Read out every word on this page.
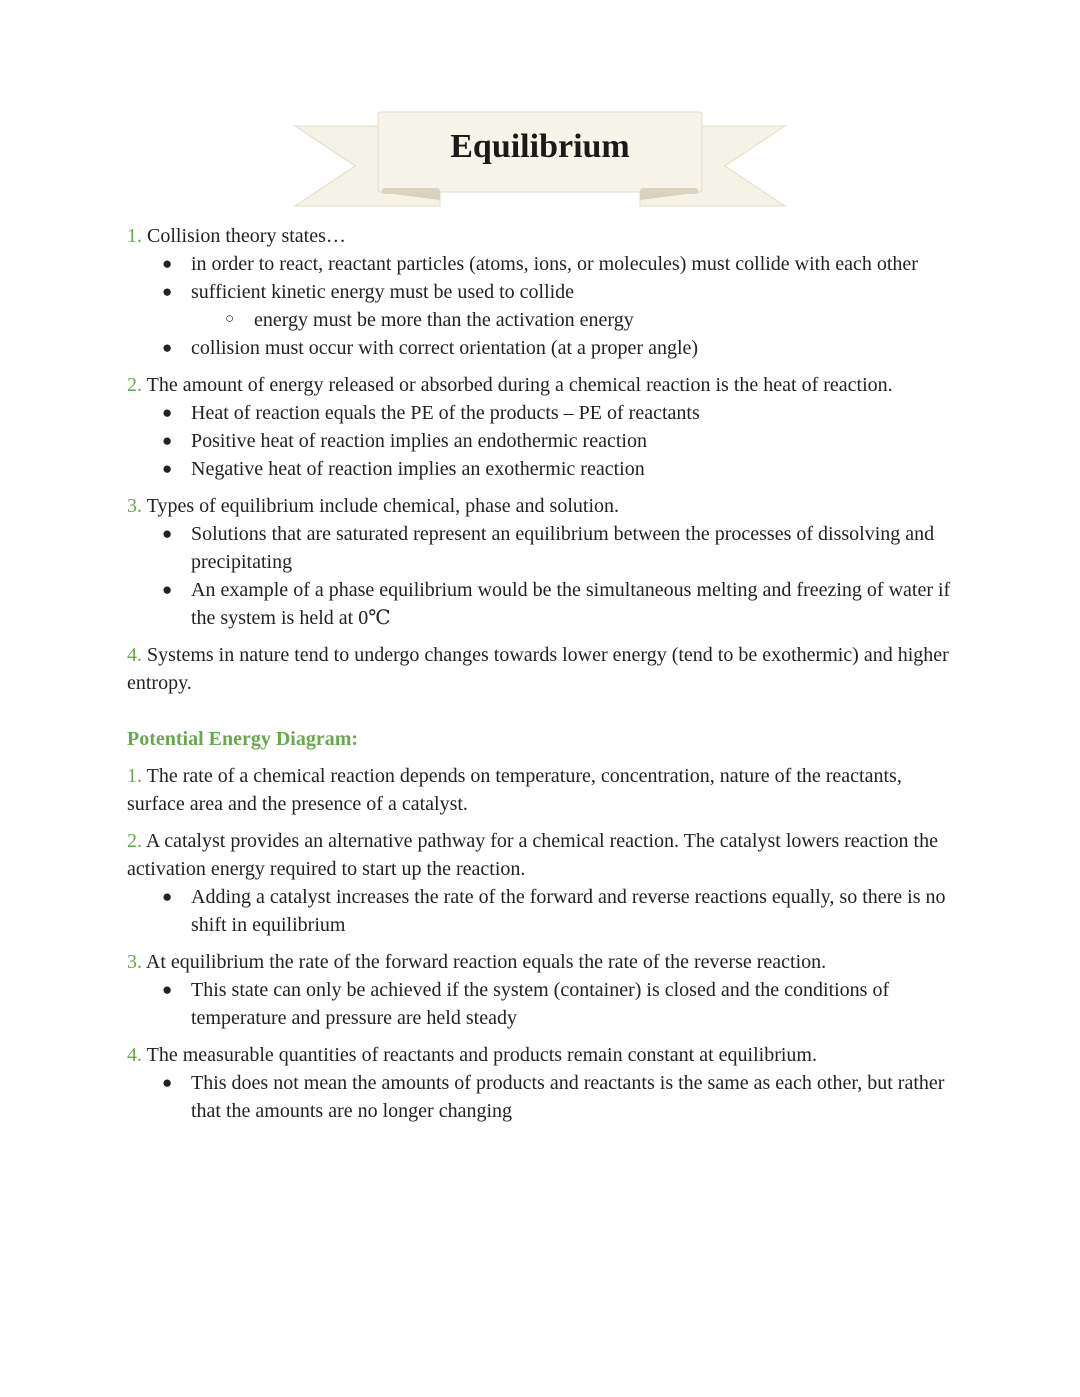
Equilibrium
1. Collision theory states…
● in order to react, reactant particles (atoms, ions, or molecules) must collide with each other
● sufficient kinetic energy must be used to collide
○ energy must be more than the activation energy
● collision must occur with correct orientation (at a proper angle)
2. The amount of energy released or absorbed during a chemical reaction is the heat of reaction.
● Heat of reaction equals the PE of the products – PE of reactants
● Positive heat of reaction implies an endothermic reaction
● Negative heat of reaction implies an exothermic reaction
3. Types of equilibrium include chemical, phase and solution.
● Solutions that are saturated represent an equilibrium between the processes of dissolving and precipitating
● An example of a phase equilibrium would be the simultaneous melting and freezing of water if the system is held at 0℃
4. Systems in nature tend to undergo changes towards lower energy (tend to be exothermic) and higher entropy.
Potential Energy Diagram:
1. The rate of a chemical reaction depends on temperature, concentration, nature of the reactants, surface area and the presence of a catalyst.
2. A catalyst provides an alternative pathway for a chemical reaction. The catalyst lowers reaction the activation energy required to start up the reaction.
● Adding a catalyst increases the rate of the forward and reverse reactions equally, so there is no shift in equilibrium
3. At equilibrium the rate of the forward reaction equals the rate of the reverse reaction.
● This state can only be achieved if the system (container) is closed and the conditions of temperature and pressure are held steady
4. The measurable quantities of reactants and products remain constant at equilibrium.
● This does not mean the amounts of products and reactants is the same as each other, but rather that the amounts are no longer changing
